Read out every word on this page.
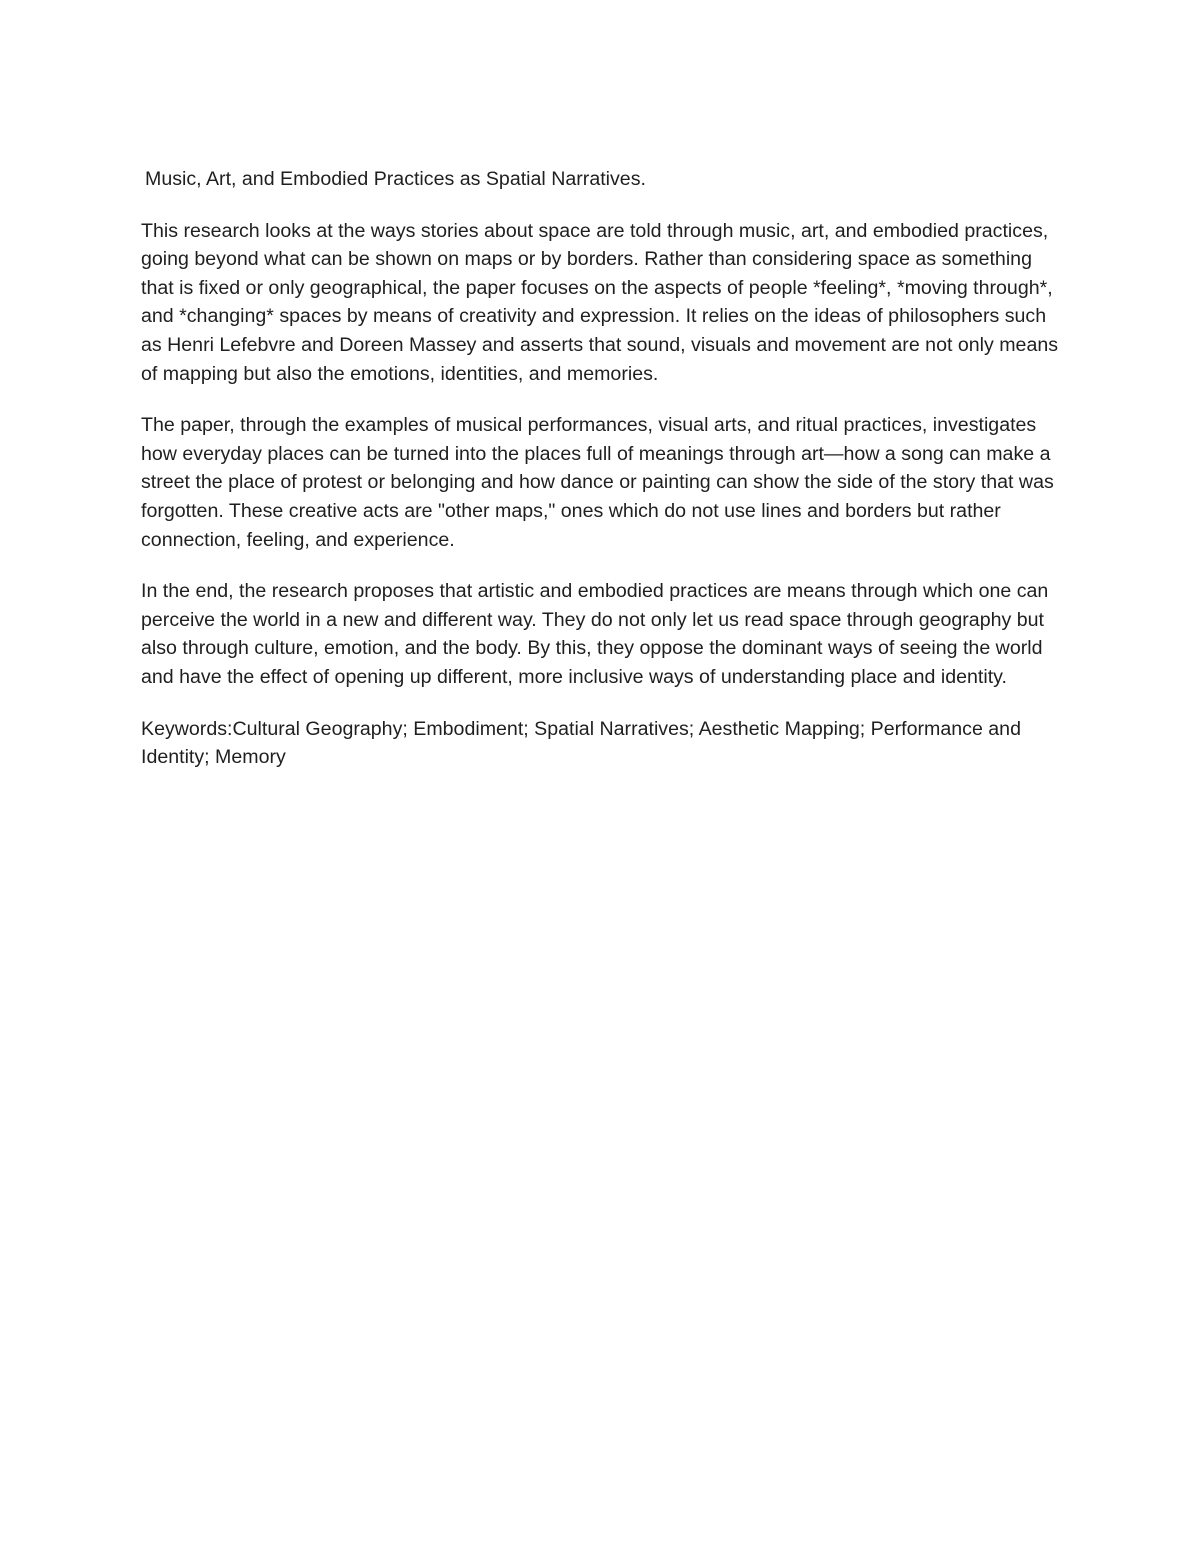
Music, Art, and Embodied Practices as Spatial Narratives.

This research looks at the ways stories about space are told through music, art, and embodied practices, going beyond what can be shown on maps or by borders. Rather than considering space as something that is fixed or only geographical, the paper focuses on the aspects of people *feeling*, *moving through*, and *changing* spaces by means of creativity and expression. It relies on the ideas of philosophers such as Henri Lefebvre and Doreen Massey and asserts that sound, visuals and movement are not only means of mapping but also the emotions, identities, and memories.

The paper, through the examples of musical performances, visual arts, and ritual practices, investigates how everyday places can be turned into the places full of meanings through art—how a song can make a street the place of protest or belonging and how dance or painting can show the side of the story that was forgotten. These creative acts are "other maps," ones which do not use lines and borders but rather connection, feeling, and experience.

In the end, the research proposes that artistic and embodied practices are means through which one can perceive the world in a new and different way. They do not only let us read space through geography but also through culture, emotion, and the body. By this, they oppose the dominant ways of seeing the world and have the effect of opening up different, more inclusive ways of understanding place and identity.

Keywords:Cultural Geography; Embodiment; Spatial Narratives; Aesthetic Mapping; Performance and Identity; Memory
